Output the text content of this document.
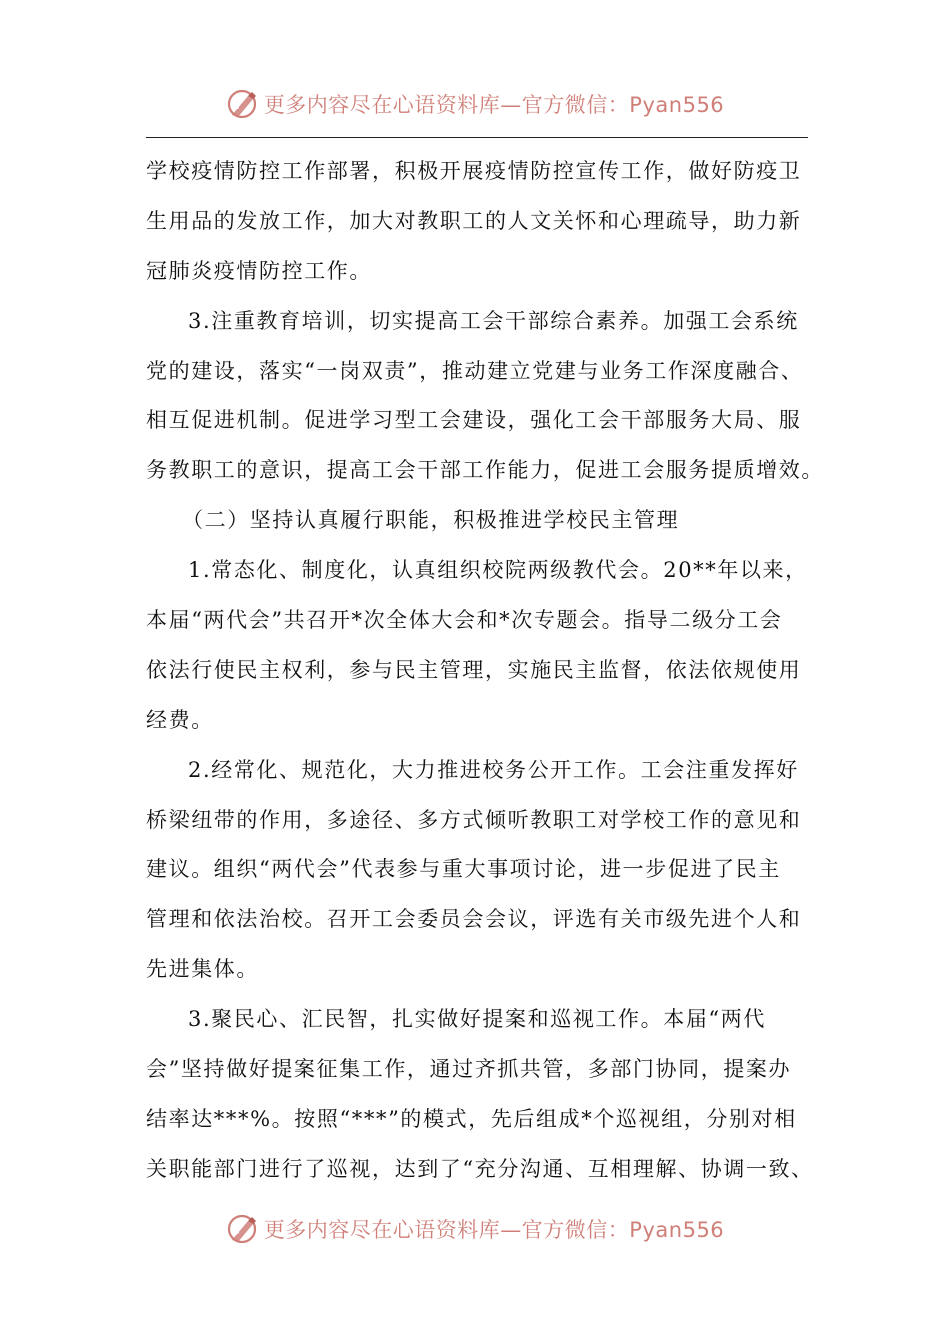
更多内容尽在心语资料库—官方微信：Pyan556
学校疫情防控工作部署，积极开展疫情防控宣传工作，做好防疫卫
生用品的发放工作，加大对教职工的人文关怀和心理疏导，助力新
冠肺炎疫情防控工作。
3.注重教育培训，切实提高工会干部综合素养。加强工会系统
党的建设，落实“一岗双责”，推动建立党建与业务工作深度融合、
相互促进机制。促进学习型工会建设，强化工会干部服务大局、服
务教职工的意识，提高工会干部工作能力，促进工会服务提质增效。
（二）坚持认真履行职能，积极推进学校民主管理
1.常态化、制度化，认真组织校院两级教代会。20**年以来，
本届“两代会”共召开*次全体大会和*次专题会。指导二级分工会
依法行使民主权利，参与民主管理，实施民主监督，依法依规使用
经费。
2.经常化、规范化，大力推进校务公开工作。工会注重发挥好
桥梁纽带的作用，多途径、多方式倾听教职工对学校工作的意见和
建议。组织“两代会”代表参与重大事项讨论，进一步促进了民主
管理和依法治校。召开工会委员会会议，评选有关市级先进个人和
先进集体。
3.聚民心、汇民智，扎实做好提案和巡视工作。本届“两代
会”坚持做好提案征集工作，通过齐抓共管，多部门协同，提案办
结率达***%。按照“***”的模式，先后组成*个巡视组，分别对相
关职能部门进行了巡视，达到了“充分沟通、互相理解、协调一致、
更多内容尽在心语资料库—官方微信：Pyan556
